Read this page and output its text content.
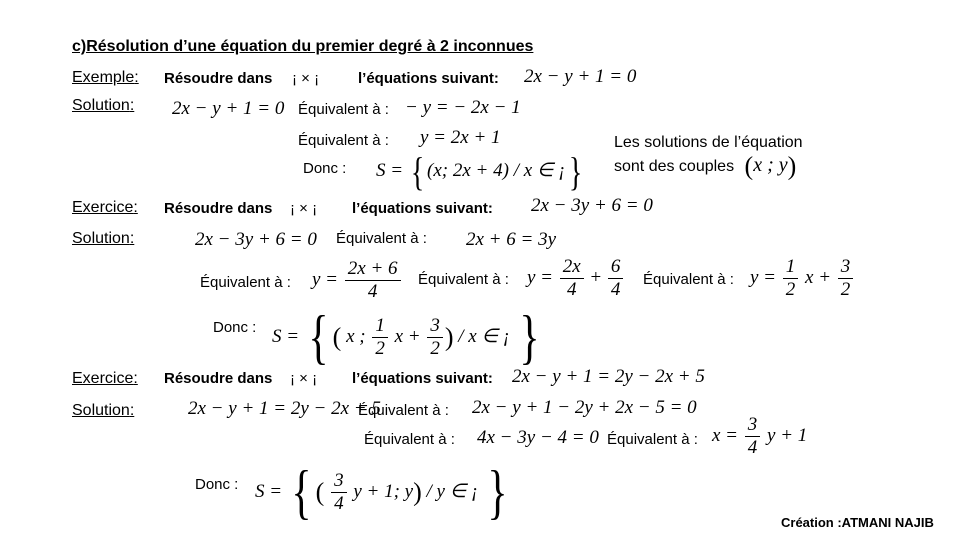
c)Résolution d’une équation du premier degré à 2 inconnues
Exemple: Résoudre dans ¡ × ¡	l’équations suivant: 2x − y + 1 = 0
Solution: 2x − y + 1 = 0 Équivalent à : − y = − 2x − 1
Équivalent à : y = 2x + 1
Donc : S = { (x; 2x + 4) / x ∈ ¡}
Les solutions de l’équation
sont des couples (x ; y)
Exercice: Résoudre dans ¡ × ¡ l’équations suivant: 2x − 3y + 6 = 0
Solution:	2x − 3y + 6 = 0 Équivalent à : 2x + 6 = 3y
Équivalent à : $y = \frac{2x + 6}{4}$ Équivalent à : $y = \frac{2x}{4} + \frac{6}{4}$ Équivalent à : $y = \frac{1}{2}$ $x + \frac{3}{2}$
Donc : S = { ( x ; $\frac{1}{2}$ $x + \frac{3}{2}$ ) / x ∈ ¡ }
Exercice: Résoudre dans ¡ × ¡ l’équations suivant: 2x − y + 1 = 2y − 2x + 5
Solution:	2x − y + 1 = 2y − 2x + 5
Équivalent à : 2x − y + 1 − 2y + 2x − 5 = 0
Équivalent à : 4x − 3y − 4 = 0 Équivalent à : $x = \frac{3}{4}$ y + 1
Donc : S = { ( $\frac{3}{4}$ y + 1; y) / y ∈ ¡ }	Création :ATMANI NAJIB
